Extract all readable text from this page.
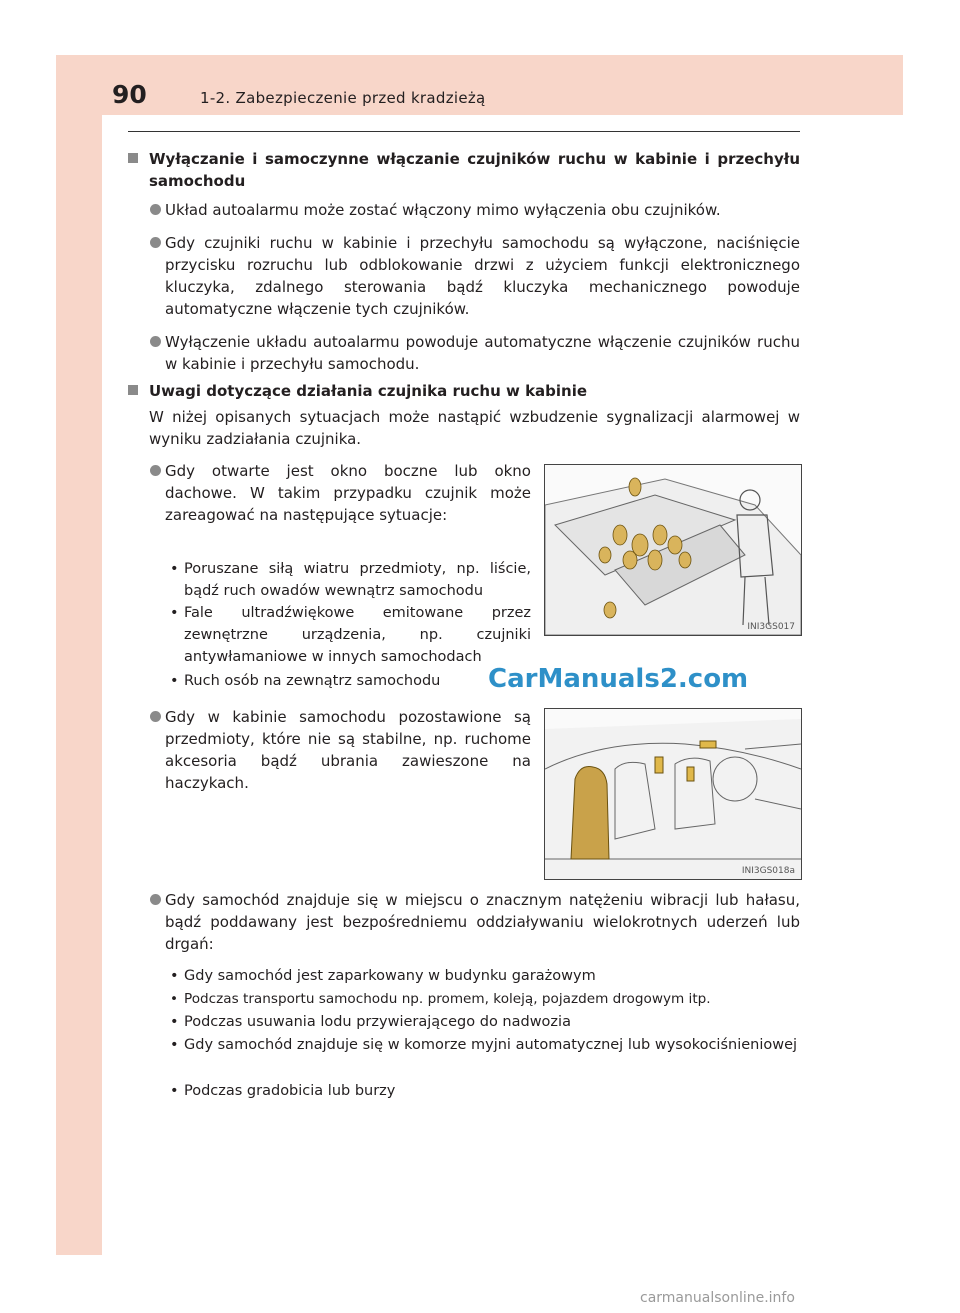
90	1-2. Zabezpieczenie przed kradzieżą
Wyłączanie i samoczynne włączanie czujników ruchu w kabinie i przechyłu samochodu
Układ autoalarmu może zostać włączony mimo wyłączenia obu czujników.
Gdy czujniki ruchu w kabinie i przechyłu samochodu są wyłączone, naciśnięcie przycisku rozruchu lub odblokowanie drzwi z użyciem funkcji elektronicznego kluczyka, zdalnego sterowania bądź kluczyka mechanicznego powoduje automatyczne włączenie tych czujników.
Wyłączenie układu autoalarmu powoduje automatyczne włączenie czujników ruchu w kabinie i przechyłu samochodu.
Uwagi dotyczące działania czujnika ruchu w kabinie
W niżej opisanych sytuacjach może nastąpić wzbudzenie sygnalizacji alarmowej w wyniku zadziałania czujnika.
Gdy otwarte jest okno boczne lub okno dachowe. W takim przypadku czujnik może zareagować na następujące sytuacje:
• Poruszane siłą wiatru przedmioty, np. liście, bądź ruch owadów wewnątrz samochodu
• Fale ultradźwiękowe emitowane przez zewnętrzne urządzenia, np. czujniki antywłamaniowe w innych samochodach
• Ruch osób na zewnątrz samochodu
INI3GS017
CarManuals2.com
Gdy w kabinie samochodu pozostawione są przedmioty, które nie są stabilne, np. ruchome akcesoria bądź ubrania zawieszone na haczykach.
INI3GS018a
Gdy samochód znajduje się w miejscu o znacznym natężeniu wibracji lub hałasu, bądź poddawany jest bezpośredniemu oddziaływaniu wielokrotnych uderzeń lub drgań:
• Gdy samochód jest zaparkowany w budynku garażowym
• Podczas transportu samochodu np. promem, koleją, pojazdem drogowym itp.
• Podczas usuwania lodu przywierającego do nadwozia
• Gdy samochód znajduje się w komorze myjni automatycznej lub wysokociśnieniowej
• Podczas gradobicia lub burzy
carmanualsonline.info
